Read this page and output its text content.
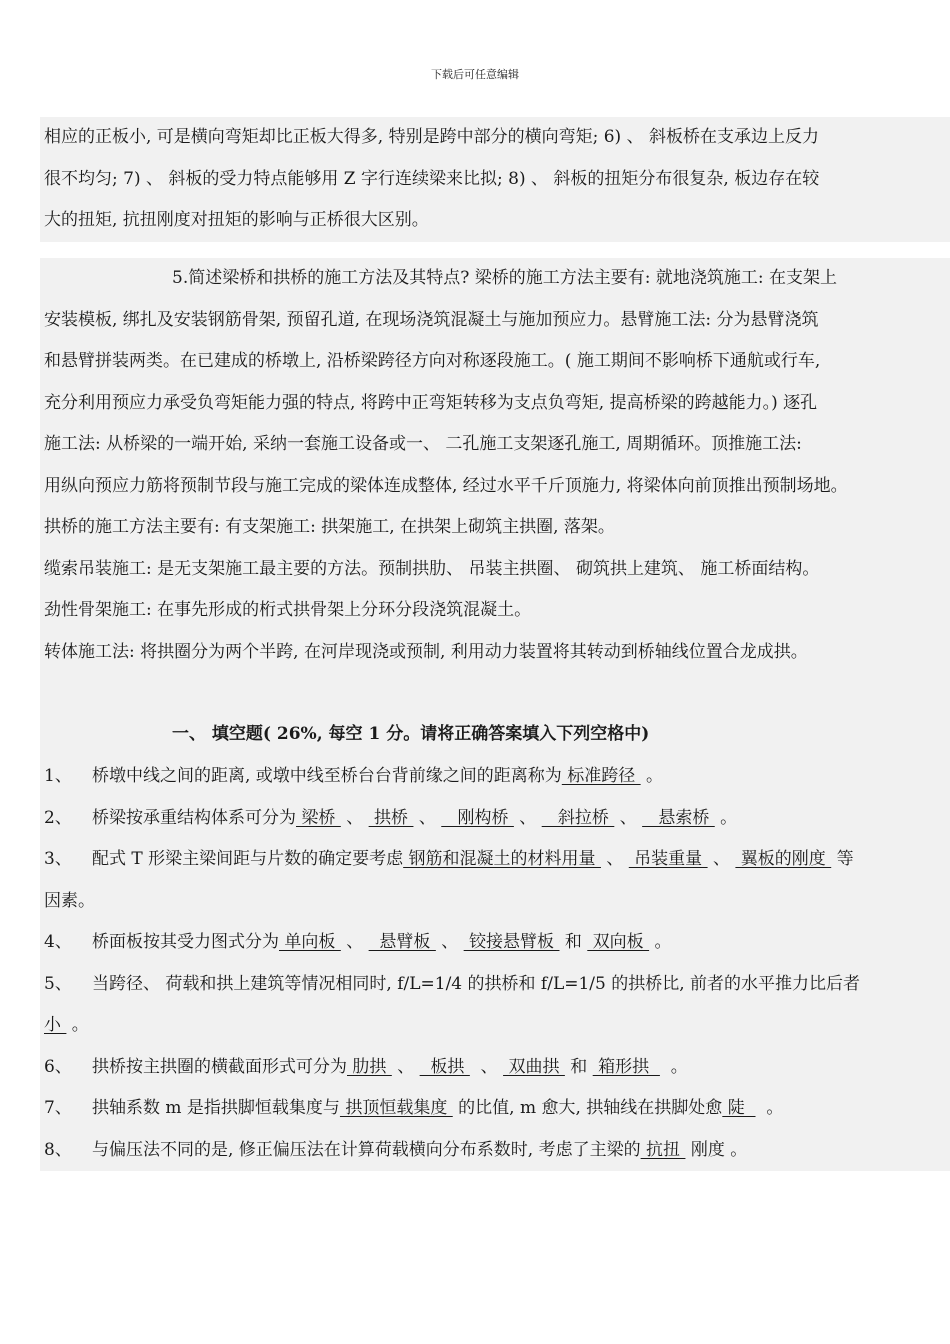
下载后可任意编辑
相应的正板小, 可是横向弯矩却比正板大得多, 特别是跨中部分的横向弯矩; 6) 、 斜板桥在支承边上反力
很不均匀; 7) 、 斜板的受力特点能够用 Z 字行连续梁来比拟; 8) 、 斜板的扭矩分布很复杂, 板边存在较
大的扭矩, 抗扭刚度对扭矩的影响与正桥很大区别。
5.简述梁桥和拱桥的施工方法及其特点? 梁桥的施工方法主要有: 就地浇筑施工: 在支架上
安装模板, 绑扎及安装钢筋骨架, 预留孔道, 在现场浇筑混凝土与施加预应力。悬臂施工法: 分为悬臂浇筑
和悬臂拼装两类。在已建成的桥墩上, 沿桥梁跨径方向对称逐段施工。( 施工期间不影响桥下通航或行车,
充分利用预应力承受负弯矩能力强的特点, 将跨中正弯矩转移为支点负弯矩, 提高桥梁的跨越能力。) 逐孔
施工法: 从桥梁的一端开始, 采纳一套施工设备或一、 二孔施工支架逐孔施工, 周期循环。顶推施工法:
用纵向预应力筋将预制节段与施工完成的梁体连成整体, 经过水平千斤顶施力, 将梁体向前顶推出预制场地。
拱桥的施工方法主要有: 有支架施工: 拱架施工, 在拱架上砌筑主拱圈, 落架。
缆索吊装施工: 是无支架施工最主要的方法。预制拱肋、 吊装主拱圈、 砌筑拱上建筑、 施工桥面结构。
劲性骨架施工: 在事先形成的桁式拱骨架上分环分段浇筑混凝土。
转体施工法: 将拱圈分为两个半跨, 在河岸现浇或预制, 利用动力装置将其转动到桥轴线位置合龙成拱。
一、 填空题( 26%, 每空 1 分。请将正确答案填入下列空格中)
1、 桥墩中线之间的距离, 或墩中线至桥台台背前缘之间的距离称为 标准跨径  。
2、 桥梁按承重结构体系可分为 梁桥  、  拱桥  、    刚构桥  、    斜拉桥  、    悬索桥  。
3、 配式 T 形梁主梁间距与片数的确定要考虑 钢筋和混凝土的材料用量  、  吊装重量  、  翼板的刚度  等
因素。
4、 桥面板按其受力图式分为 单向板  、   悬臂板  、  铰接悬臂板  和  双向板  。
5、 当跨径、 荷载和拱上建筑等情况相同时, f/L=1/4 的拱桥和 f/L=1/5 的拱桥比, 前者的水平推力比后者
小  。
6、 拱桥按主拱圈的横截面形式可分为 肋拱  、   板拱   、  双曲拱  和  箱形拱    。
7、 拱轴系数 m 是指拱脚恒载集度与 拱顶恒载集度  的比值, m 愈大, 拱轴线在拱脚处愈 陡    。
8、 与偏压法不同的是, 修正偏压法在计算荷载横向分布系数时, 考虑了主梁的 抗扭  刚度 。
